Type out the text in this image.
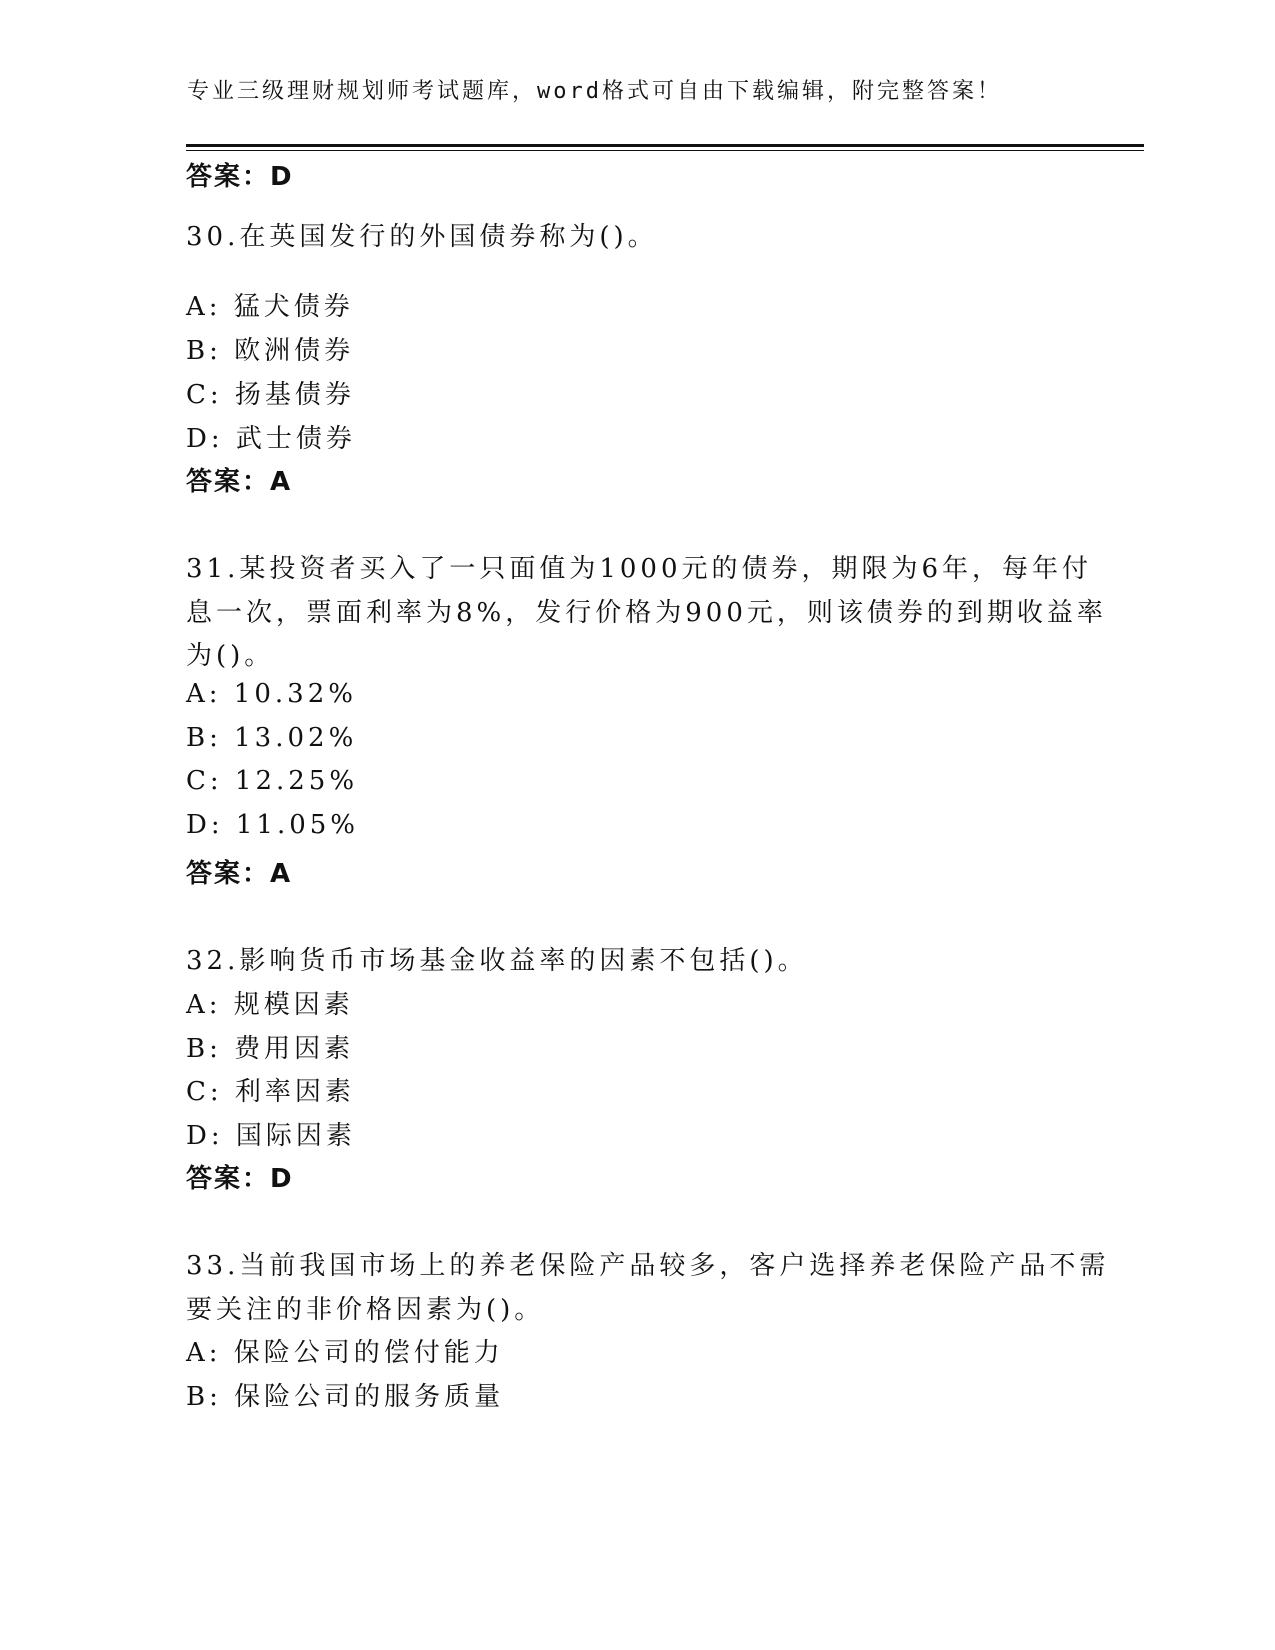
专业三级理财规划师考试题库，word格式可自由下载编辑，附完整答案！
答案：D
30.在英国发行的外国债券称为()。
A: 猛犬债券
B: 欧洲债券
C: 扬基债券
D: 武士债券
答案：A
31.某投资者买入了一只面值为1000元的债券，期限为6年，每年付
息一次，票面利率为8%，发行价格为900元，则该债券的到期收益率
为()。
A: 10.32%
B: 13.02%
C: 12.25%
D: 11.05%
答案：A
32.影响货币市场基金收益率的因素不包括()。
A: 规模因素
B: 费用因素
C: 利率因素
D: 国际因素
答案：D
33.当前我国市场上的养老保险产品较多，客户选择养老保险产品不需
要关注的非价格因素为()。
A: 保险公司的偿付能力
B: 保险公司的服务质量
